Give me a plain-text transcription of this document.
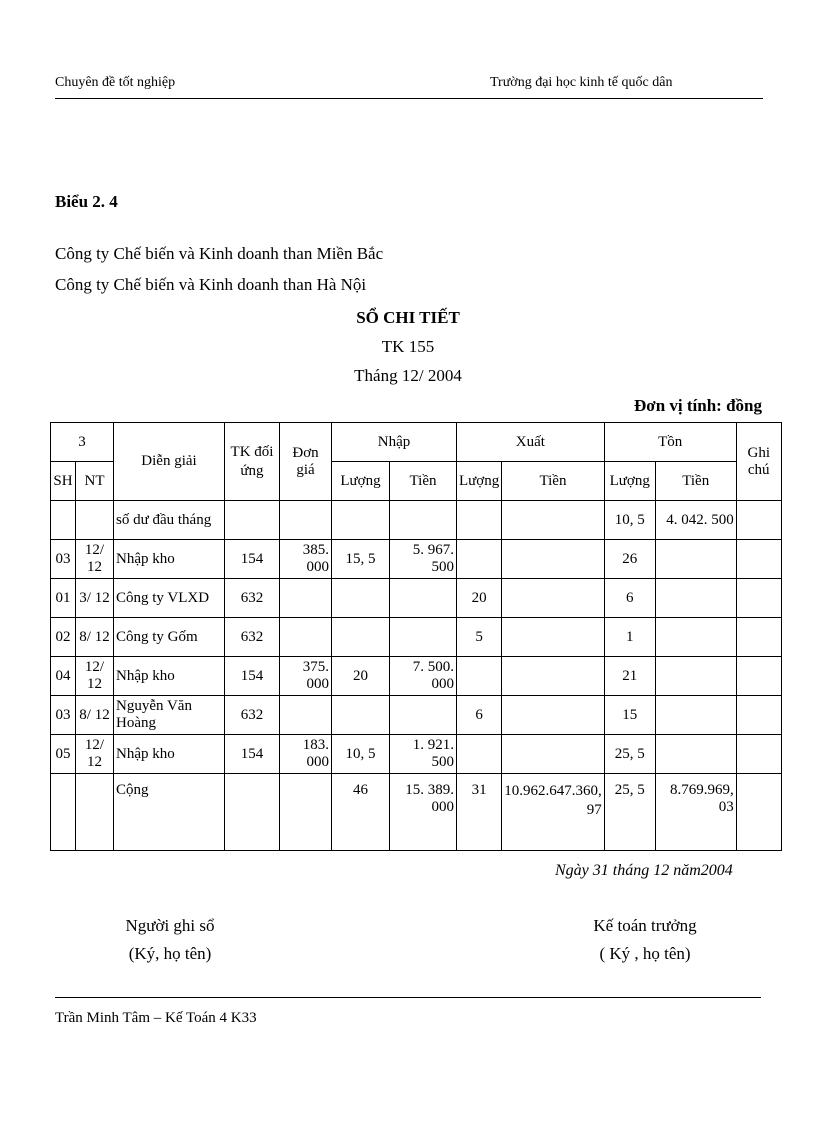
Chuyên đề tốt nghiệp	Trường đại học kinh tế quốc dân
Biểu 2. 4
Công ty Chế biến và Kinh doanh than Miền Bắc
Công ty Chế biến và Kinh doanh than Hà Nội
SỔ CHI TIẾT
TK 155
Tháng 12/ 2004
Đơn vị tính: đồng
3		Diễn giải	TK đối ứng	Đơn giá	Nhập		Xuất		Tồn		Ghi chú
SH	NT				Lượng	Tiền	Lượng	Tiền	Lượng	Tiền	
		số dư đầu tháng							10, 5	4. 042. 500	
03	12/ 12	Nhập kho	154	385. 000	15, 5	5. 967. 500			26		
01	3/ 12	Công ty VLXD	632				20		6		
02	8/ 12	Công ty Gốm	632				5		1		
04	12/ 12	Nhập kho	154	375. 000	20	7. 500. 000			21		
03	8/ 12	Nguyễn Văn Hoàng	632				6		15		
05	12/ 12	Nhập kho	154	183. 000	10, 5	1. 921. 500			25, 5		
		Cộng			46	15. 389. 000	31	10.962.647.360, 97	25, 5	8.769.969, 03	
Ngày 31 tháng 12 năm2004
Người ghi sổ
(Ký, họ tên)
Kế toán trưởng
( Ký , họ tên)
Trần Minh Tâm – Kế Toán 4 K33
